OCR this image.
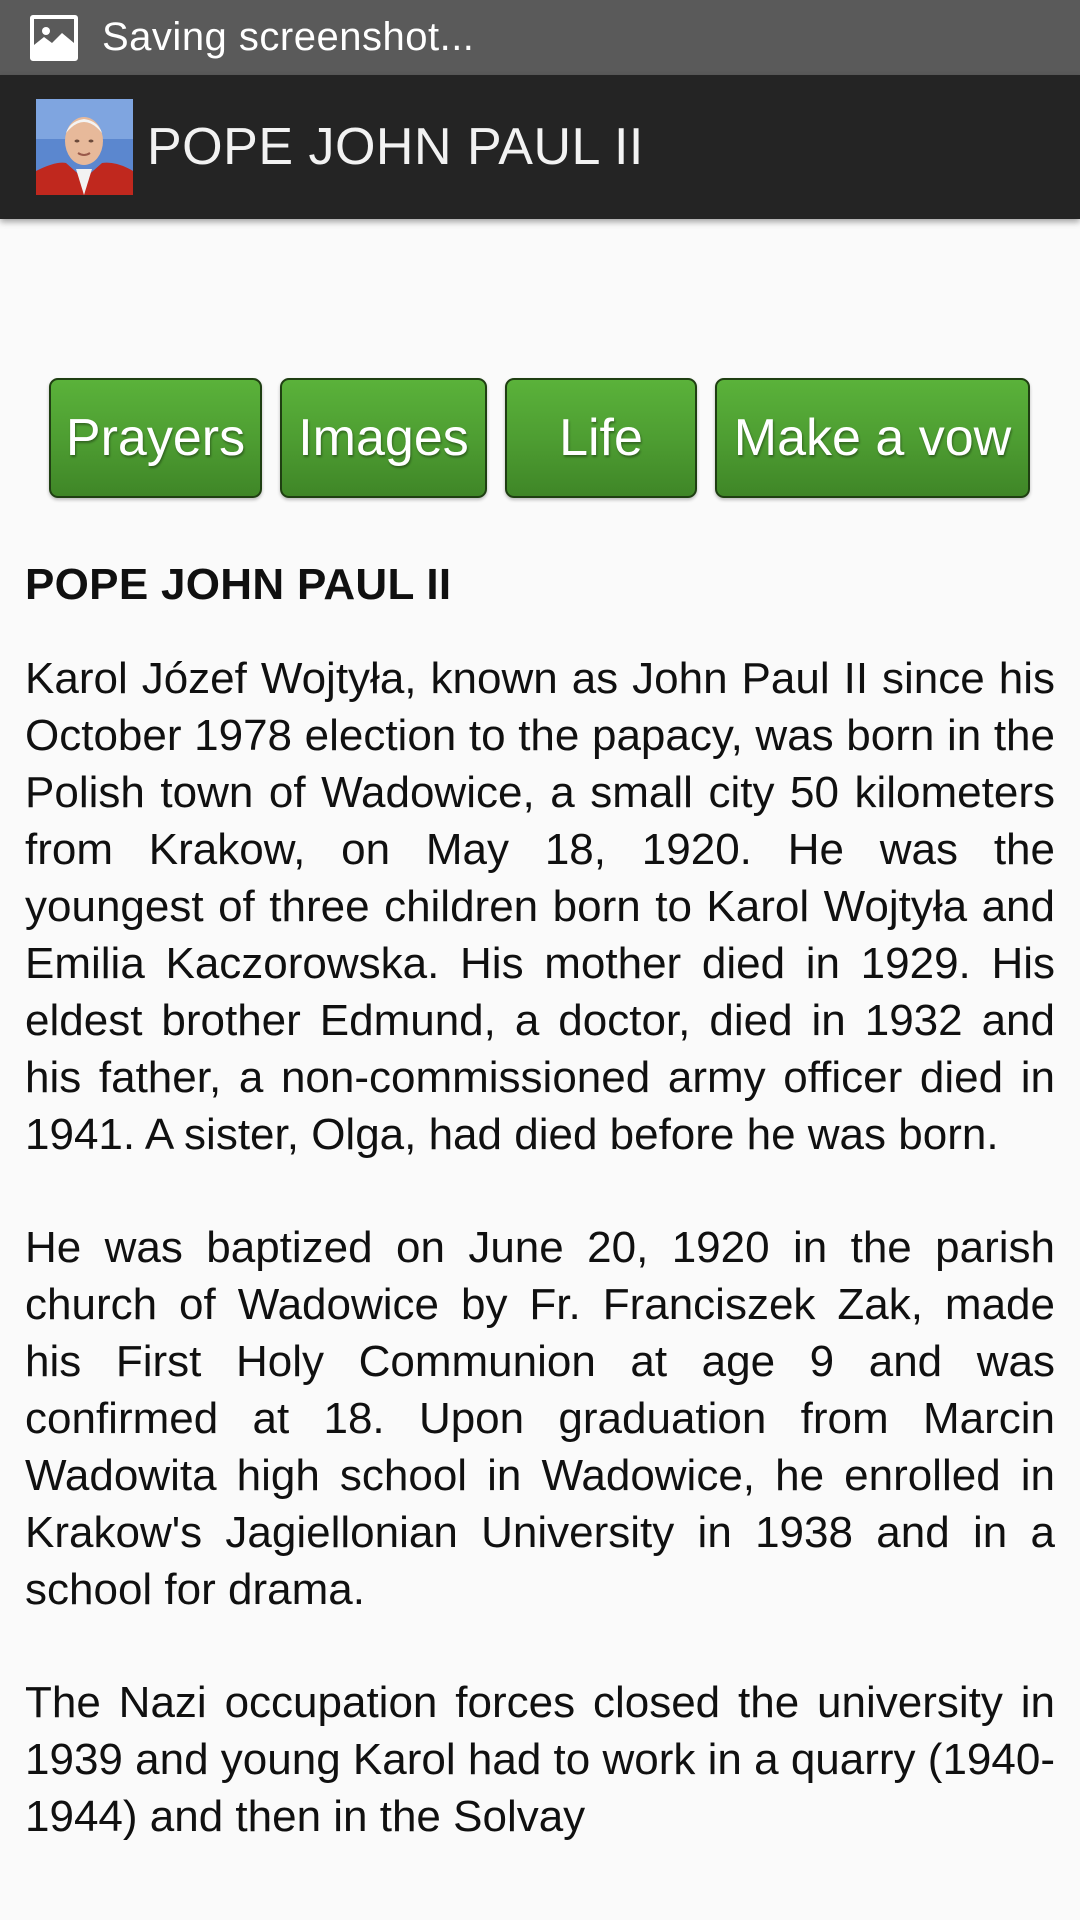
Saving screenshot...
POPE JOHN PAUL II
Prayers	Images	Life	Make a vow
POPE JOHN PAUL II

Karol Józef Wojtyła, known as John Paul II since his October 1978 election to the papacy, was born in the Polish town of Wadowice, a small city 50 kilometers from Krakow, on May 18, 1920. He was the youngest of three children born to Karol Wojtyła and Emilia Kaczorowska. His mother died in 1929. His eldest brother Edmund, a doctor, died in 1932 and his father, a non-commissioned army officer died in 1941. A sister, Olga, had died before he was born.

He was baptized on June 20, 1920 in the parish church of Wadowice by Fr. Franciszek Zak, made his First Holy Communion at age 9 and was confirmed at 18. Upon graduation from Marcin Wadowita high school in Wadowice, he enrolled in Krakow's Jagiellonian University in 1938 and in a school for drama.

The Nazi occupation forces closed the university in 1939 and young Karol had to work in a quarry (1940-1944) and then in the Solvay
